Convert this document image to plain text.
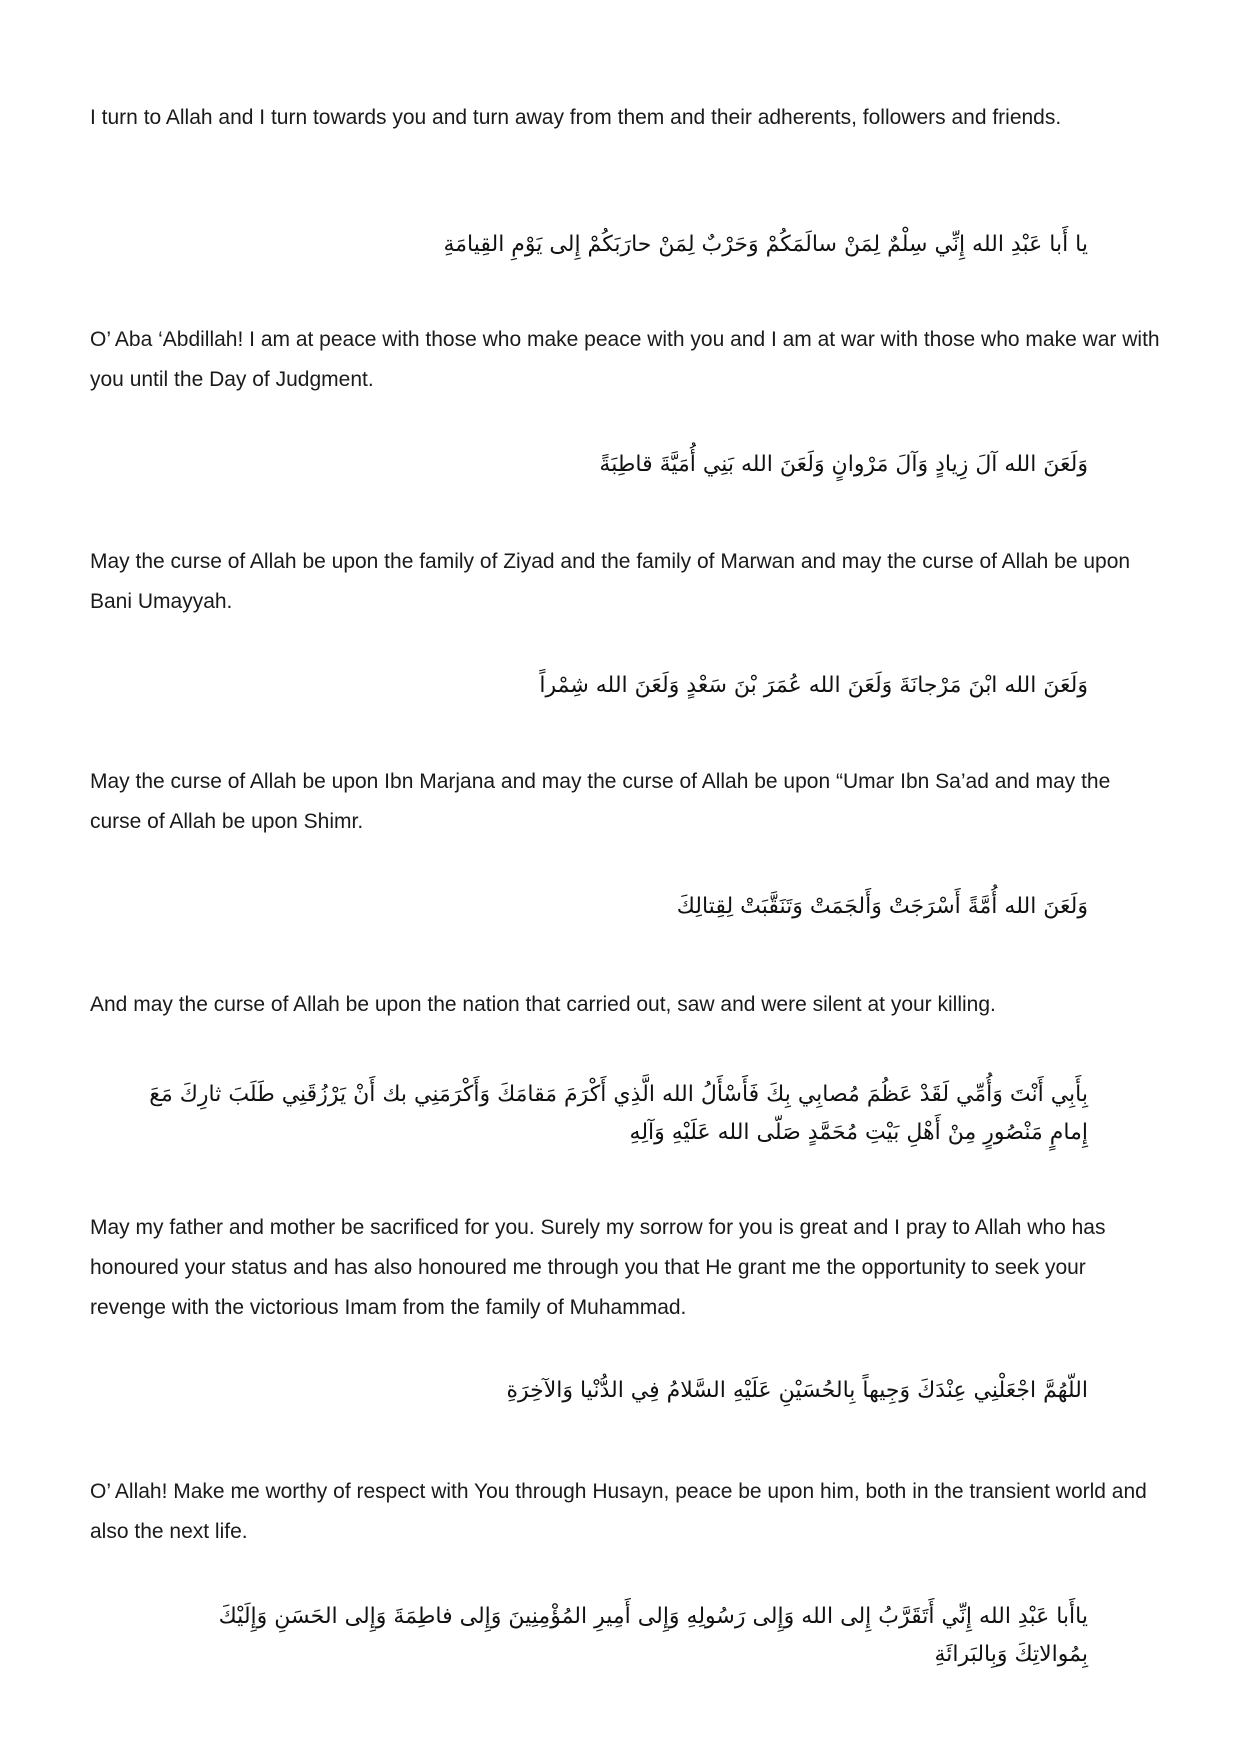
I turn to Allah and I turn towards you and turn away from them and their adherents, followers and friends.

يا أَبا عَبْدِ الله إِنِّي سِلْمٌ لِمَنْ سالَمَكُمْ وَحَرْبٌ لِمَنْ حارَبَكُمْ إِلى يَوْمِ القِيامَةِ

O’ Aba ‘Abdillah! I am at peace with those who make peace with you and I am at war with those who make war with you until the Day of Judgment.

وَلَعَنَ الله آلَ زِيادٍ وَآلَ مَرْوانٍ وَلَعَنَ الله بَنِي أُمَيَّةَ قاطِبَةً

May the curse of Allah be upon the family of Ziyad and the family of Marwan and may the curse of Allah be upon Bani Umayyah.

وَلَعَنَ الله ابْنَ مَرْجانَةَ وَلَعَنَ الله عُمَرَ بْنَ سَعْدٍ وَلَعَنَ الله شِمْراً

May the curse of Allah be upon Ibn Marjana and may the curse of Allah be upon “Umar Ibn Sa’ad and may the curse of Allah be upon Shimr.

وَلَعَنَ الله أُمَّةً أَسْرَجَتْ وَأَلجَمَتْ وَتَنَقَّبَتْ لِقِتالِكَ

And may the curse of Allah be upon the nation that carried out, saw and were silent at your killing.

بِأَبِي أَنْتَ وَأُمِّي لَقَدْ عَظُمَ مُصابِي بِكَ فَأَسْأَلُ الله الَّذِي أَكْرَمَ مَقامَكَ وَأَكْرَمَنِي بك أَنْ يَرْزُقَنِي طَلَبَ ثارِكَ مَعَ إِمامٍ مَنْصُورٍ مِنْ أَهْلِ بَيْتِ مُحَمَّدٍ صَلّى الله عَلَيْهِ وَآلِهِ

May my father and mother be sacrificed for you. Surely my sorrow for you is great and I pray to Allah who has honoured your status and has also honoured me through you that He grant me the opportunity to seek your revenge with the victorious Imam from the family of Muhammad.

اللّهُمَّ اجْعَلْنِي عِنْدَكَ وَجِيهاً بِالحُسَيْنِ عَلَيْهِ السَّلامُ فِي الدُّنْيا وَالآخِرَةِ

O’ Allah! Make me worthy of respect with You through Husayn, peace be upon him, both in the transient world and also the next life.

ياأَبا عَبْدِ الله إِنِّي أَتَقَرَّبُ إِلى الله وَإِلى رَسُولِهِ وَإِلى أَمِيرِ المُؤْمِنِينَ وَإِلى فاطِمَةَ وَإِلى الحَسَنِ وَإِلَيْكَ بِمُوالاتِكَ وَبِالبَرائَةِ
